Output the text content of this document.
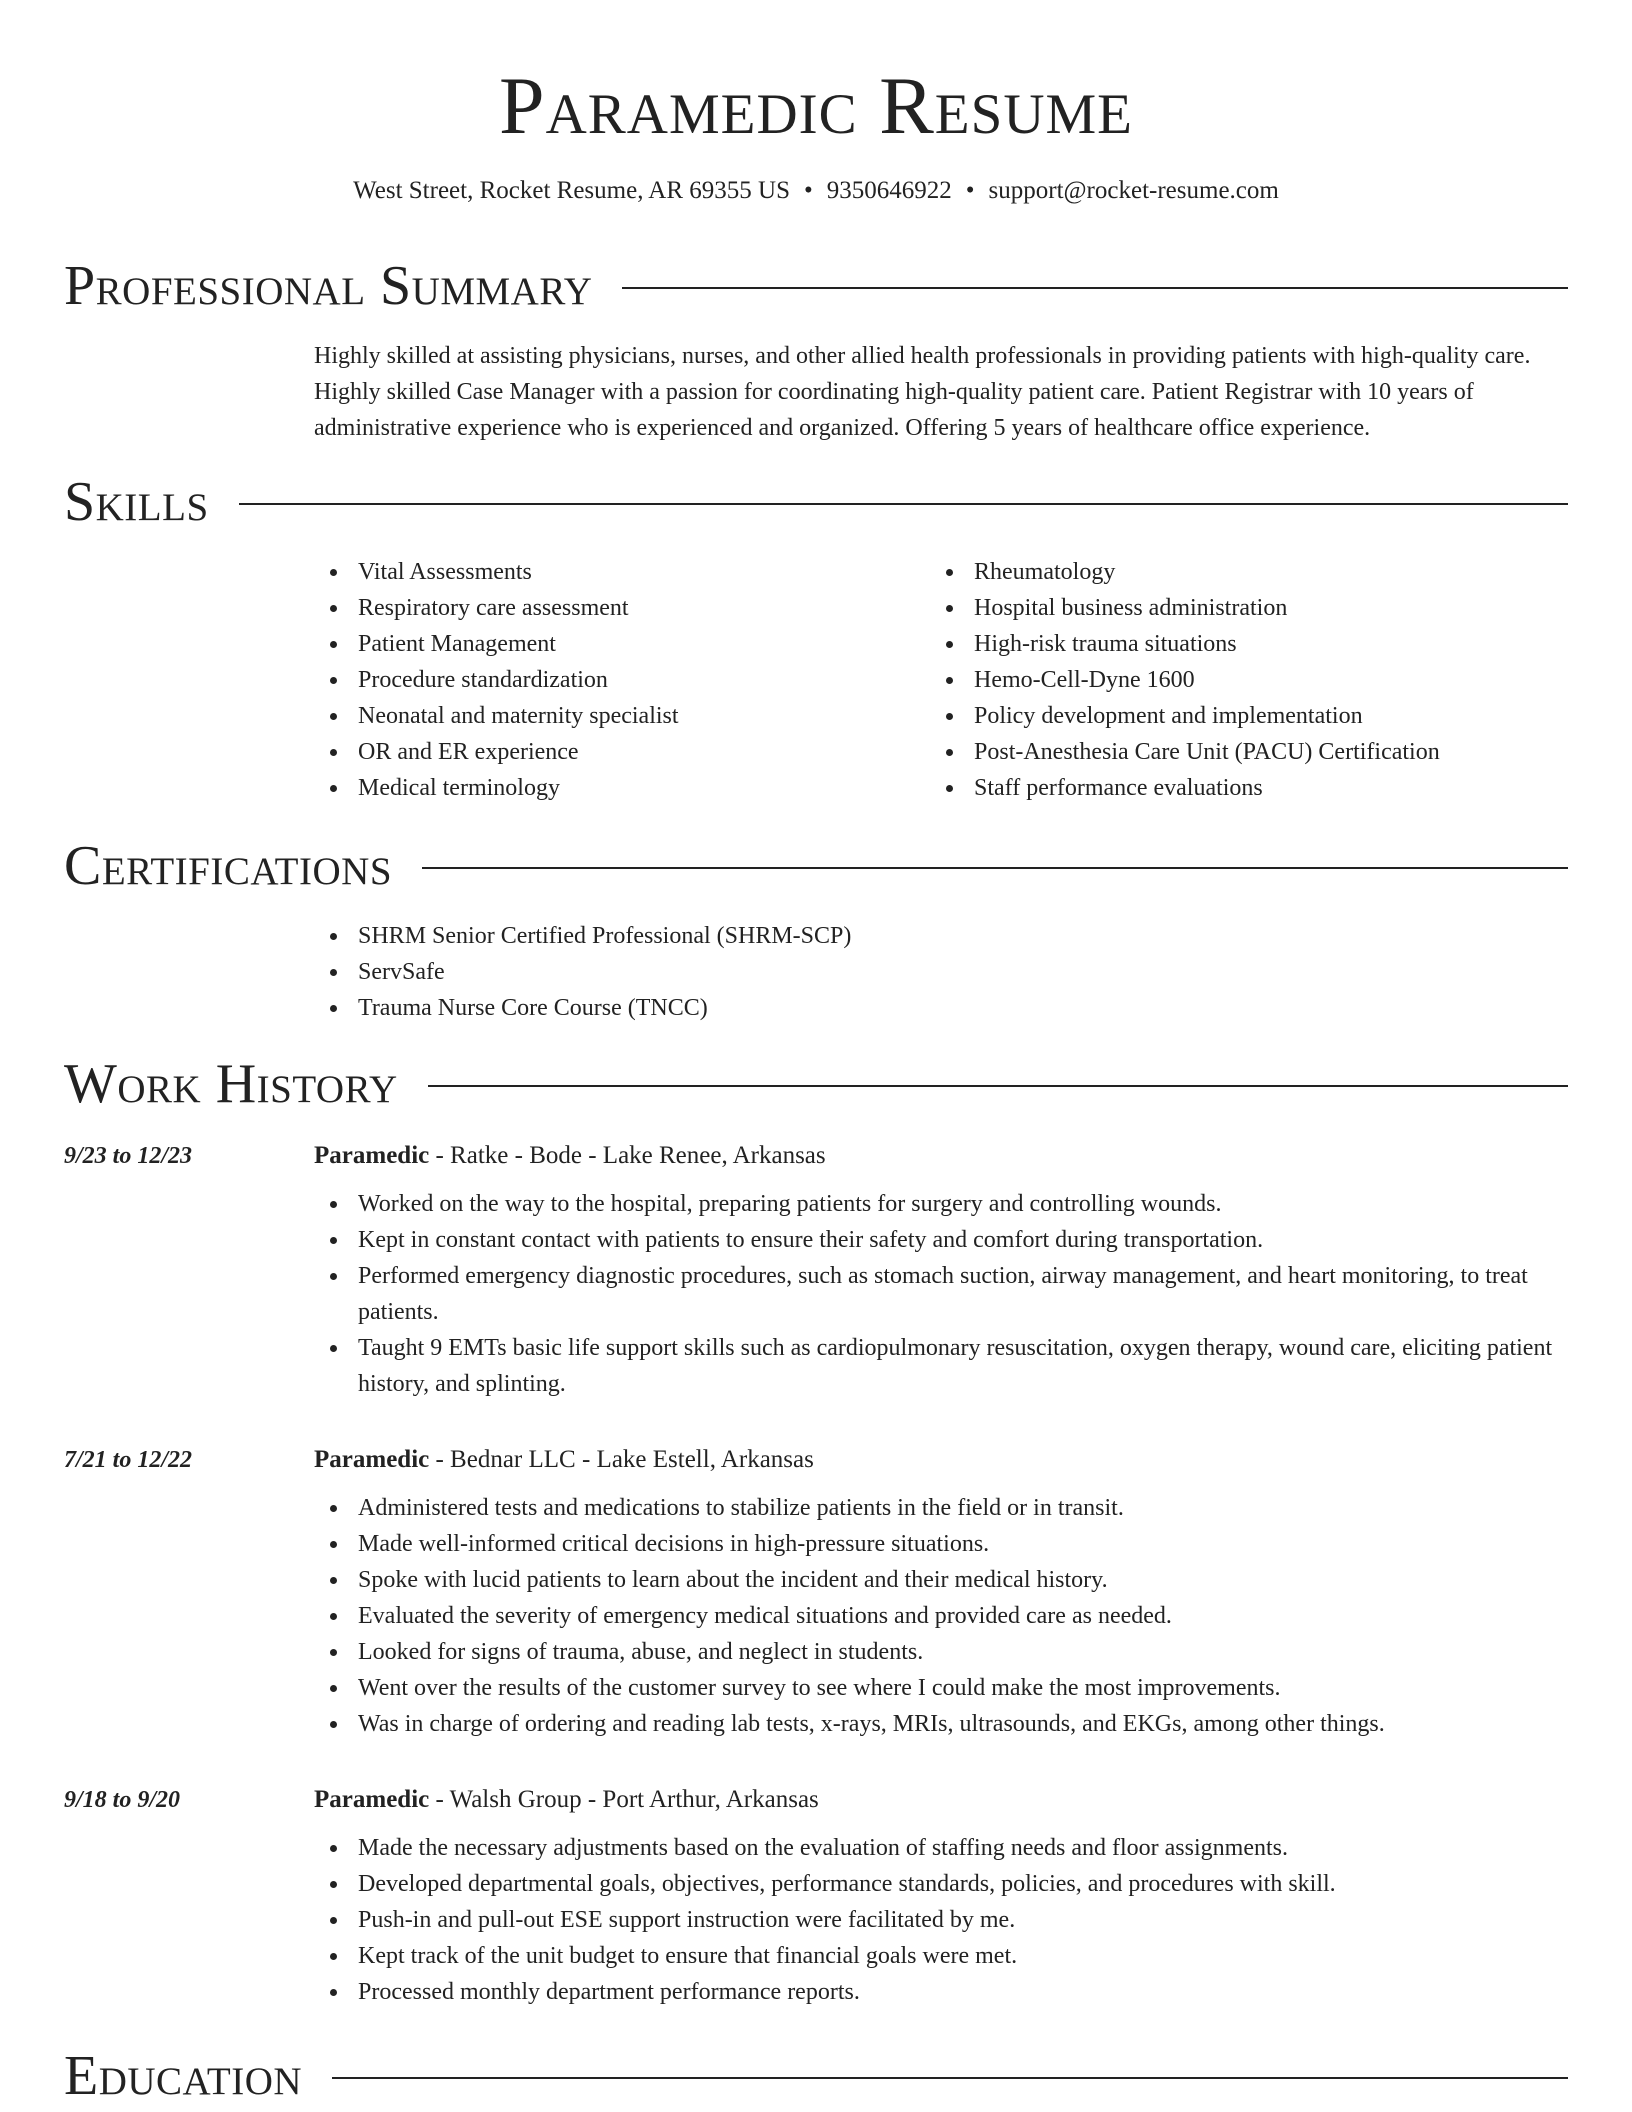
Paramedic Resume
West Street, Rocket Resume, AR 69355 US • 9350646922 • support@rocket-resume.com
Professional Summary
Highly skilled at assisting physicians, nurses, and other allied health professionals in providing patients with high-quality care. Highly skilled Case Manager with a passion for coordinating high-quality patient care. Patient Registrar with 10 years of administrative experience who is experienced and organized. Offering 5 years of healthcare office experience.
Skills
Vital Assessments
Respiratory care assessment
Patient Management
Procedure standardization
Neonatal and maternity specialist
OR and ER experience
Medical terminology
Rheumatology
Hospital business administration
High-risk trauma situations
Hemo-Cell-Dyne 1600
Policy development and implementation
Post-Anesthesia Care Unit (PACU) Certification
Staff performance evaluations
Certifications
SHRM Senior Certified Professional (SHRM-SCP)
ServSafe
Trauma Nurse Core Course (TNCC)
Work History
9/23 to 12/23	Paramedic - Ratke - Bode - Lake Renee, Arkansas
Worked on the way to the hospital, preparing patients for surgery and controlling wounds.
Kept in constant contact with patients to ensure their safety and comfort during transportation.
Performed emergency diagnostic procedures, such as stomach suction, airway management, and heart monitoring, to treat patients.
Taught 9 EMTs basic life support skills such as cardiopulmonary resuscitation, oxygen therapy, wound care, eliciting patient history, and splinting.
7/21 to 12/22	Paramedic - Bednar LLC - Lake Estell, Arkansas
Administered tests and medications to stabilize patients in the field or in transit.
Made well-informed critical decisions in high-pressure situations.
Spoke with lucid patients to learn about the incident and their medical history.
Evaluated the severity of emergency medical situations and provided care as needed.
Looked for signs of trauma, abuse, and neglect in students.
Went over the results of the customer survey to see where I could make the most improvements.
Was in charge of ordering and reading lab tests, x-rays, MRIs, ultrasounds, and EKGs, among other things.
9/18 to 9/20	Paramedic - Walsh Group - Port Arthur, Arkansas
Made the necessary adjustments based on the evaluation of staffing needs and floor assignments.
Developed departmental goals, objectives, performance standards, policies, and procedures with skill.
Push-in and pull-out ESE support instruction were facilitated by me.
Kept track of the unit budget to ensure that financial goals were met.
Processed monthly department performance reports.
Education
